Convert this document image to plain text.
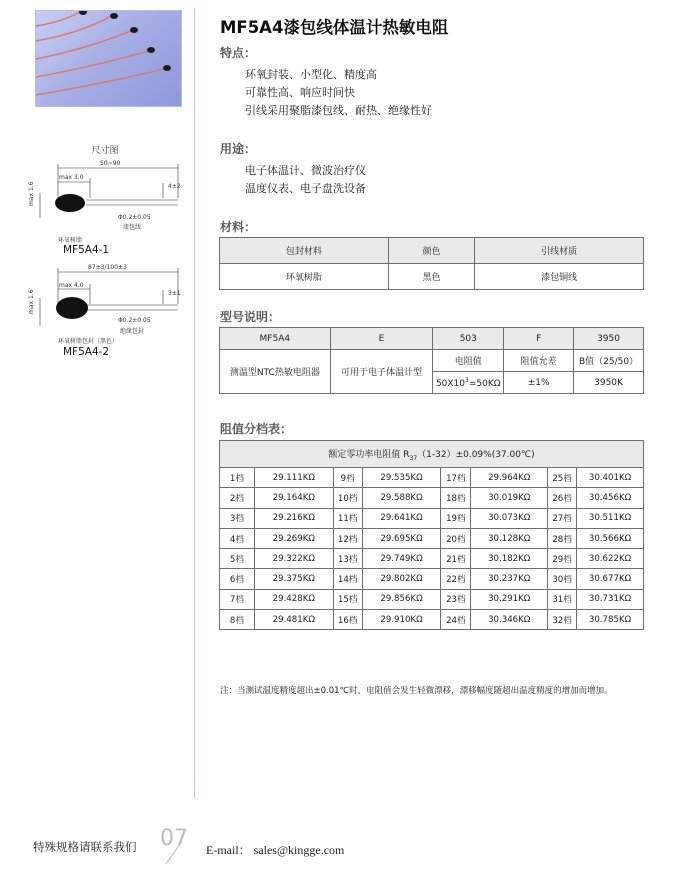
尺寸图
50~90
max 3.0
4±2
Φ0.2±0.05
漆包线
环氧树脂
max 1.6
MF5A4-1
87±3/100±3
max 4.0
3±1
Φ0.2±0.05
绝缘包封
环氧树脂包封（黑色）
max 1.6
MF5A4-2
MF5A4漆包线体温计热敏电阻
特点：
环氧封装、小型化、精度高
可靠性高、响应时间快
引线采用聚脂漆包线、耐热、绝缘性好
用途：
电子体温计、微波治疗仪
温度仪表、电子盘洗设备
材料：
包封材料	颜色	引线材质
环氧树脂	黑色	漆包铜线
型号说明：
MF5A4	E	503	F	3950
测温型NTC热敏电阻器	可用于电子体温计型	电阻值	阻值允差	B值（25/50）
		$50X10^3=50K\Omega$	±1%	3950K
阻值分档表：
额定零功率电阻值 $R_{37}(1-32)\pm 0.09\%(37.00℃)$							
1档	29.111KΩ	9档	29.535KΩ	17档	29.964KΩ	25档	30.401KΩ
2档	29.164KΩ	10档	29.588KΩ	18档	30.019KΩ	26档	30.456KΩ
3档	29.216KΩ	11档	29.641KΩ	19档	30.073KΩ	27档	30.511KΩ
4档	29.269KΩ	12档	29.695KΩ	20档	30.128KΩ	28档	30.566KΩ
5档	29.322KΩ	13档	29.749KΩ	21档	30.182KΩ	29档	30.622KΩ
6档	29.375KΩ	14档	29.802KΩ	22档	30.237KΩ	30档	30.677KΩ
7档	29.428KΩ	15档	29.856KΩ	23档	30.291KΩ	31档	30.731KΩ
8档	29.481KΩ	16档	29.910KΩ	24档	30.346KΩ	32档	30.785KΩ
注：当测试温度精度超出±0.01℃时，电阻值会发生轻微漂移，漂移幅度随超出温度精度的增加而增加。
特殊规格请联系我们 07 E-mail： sales@kingge.com
